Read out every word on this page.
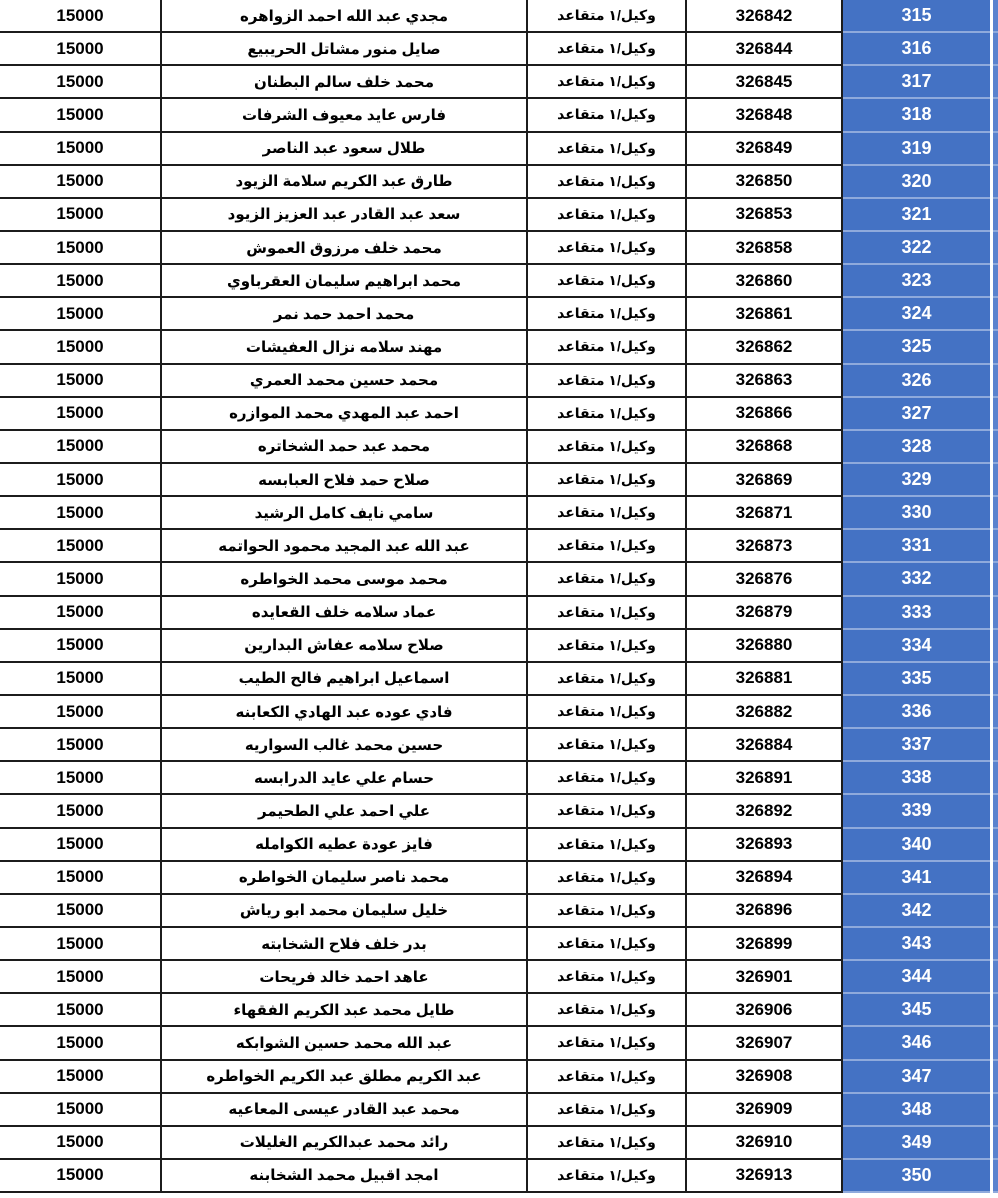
15000	مجدي عبد الله احمد الزواهره	وكيل/١ متقاعد	326842	315
15000	صايل منور مشاتل الحريبيع	وكيل/١ متقاعد	326844	316
15000	محمد خلف سالم البطنان	وكيل/١ متقاعد	326845	317
15000	فارس عايد معيوف الشرفات	وكيل/١ متقاعد	326848	318
15000	طلال سعود عبد الناصر	وكيل/١ متقاعد	326849	319
15000	طارق عبد الكريم سلامة الزيود	وكيل/١ متقاعد	326850	320
15000	سعد عبد القادر عبد العزيز الزيود	وكيل/١ متقاعد	326853	321
15000	محمد خلف مرزوق العموش	وكيل/١ متقاعد	326858	322
15000	محمد ابراهيم سليمان العقرباوي	وكيل/١ متقاعد	326860	323
15000	محمد احمد حمد نمر	وكيل/١ متقاعد	326861	324
15000	مهند سلامه نزال العفيشات	وكيل/١ متقاعد	326862	325
15000	محمد حسين محمد العمري	وكيل/١ متقاعد	326863	326
15000	احمد عبد المهدي محمد الموازره	وكيل/١ متقاعد	326866	327
15000	محمد عبد حمد الشخاتره	وكيل/١ متقاعد	326868	328
15000	صلاح حمد فلاح العبابسه	وكيل/١ متقاعد	326869	329
15000	سامي نايف كامل الرشيد	وكيل/١ متقاعد	326871	330
15000	عبد الله عبد المجيد محمود الحواتمه	وكيل/١ متقاعد	326873	331
15000	محمد موسى محمد الخواطره	وكيل/١ متقاعد	326876	332
15000	عماد سلامه خلف القعايده	وكيل/١ متقاعد	326879	333
15000	صلاح سلامه عفاش البدارين	وكيل/١ متقاعد	326880	334
15000	اسماعيل ابراهيم فالح الطيب	وكيل/١ متقاعد	326881	335
15000	فادي عوده عبد الهادي الكعابنه	وكيل/١ متقاعد	326882	336
15000	حسين محمد غالب السواريه	وكيل/١ متقاعد	326884	337
15000	حسام علي عايد الدرابسه	وكيل/١ متقاعد	326891	338
15000	علي احمد علي الطحيمر	وكيل/١ متقاعد	326892	339
15000	فايز عودة عطيه الكوامله	وكيل/١ متقاعد	326893	340
15000	محمد ناصر سليمان الخواطره	وكيل/١ متقاعد	326894	341
15000	خليل سليمان محمد ابو رياش	وكيل/١ متقاعد	326896	342
15000	بدر خلف فلاح الشخابته	وكيل/١ متقاعد	326899	343
15000	عاهد احمد خالد فريحات	وكيل/١ متقاعد	326901	344
15000	طايل محمد عبد الكريم الفقهاء	وكيل/١ متقاعد	326906	345
15000	عبد الله محمد حسين الشوابكه	وكيل/١ متقاعد	326907	346
15000	عبد الكريم مطلق عبد الكريم الخواطره	وكيل/١ متقاعد	326908	347
15000	محمد عبد القادر عيسى المعاعيه	وكيل/١ متقاعد	326909	348
15000	رائد محمد عبدالكريم الغليلات	وكيل/١ متقاعد	326910	349
15000	امجد اقبيل محمد الشخابنه	وكيل/١ متقاعد	326913	350
